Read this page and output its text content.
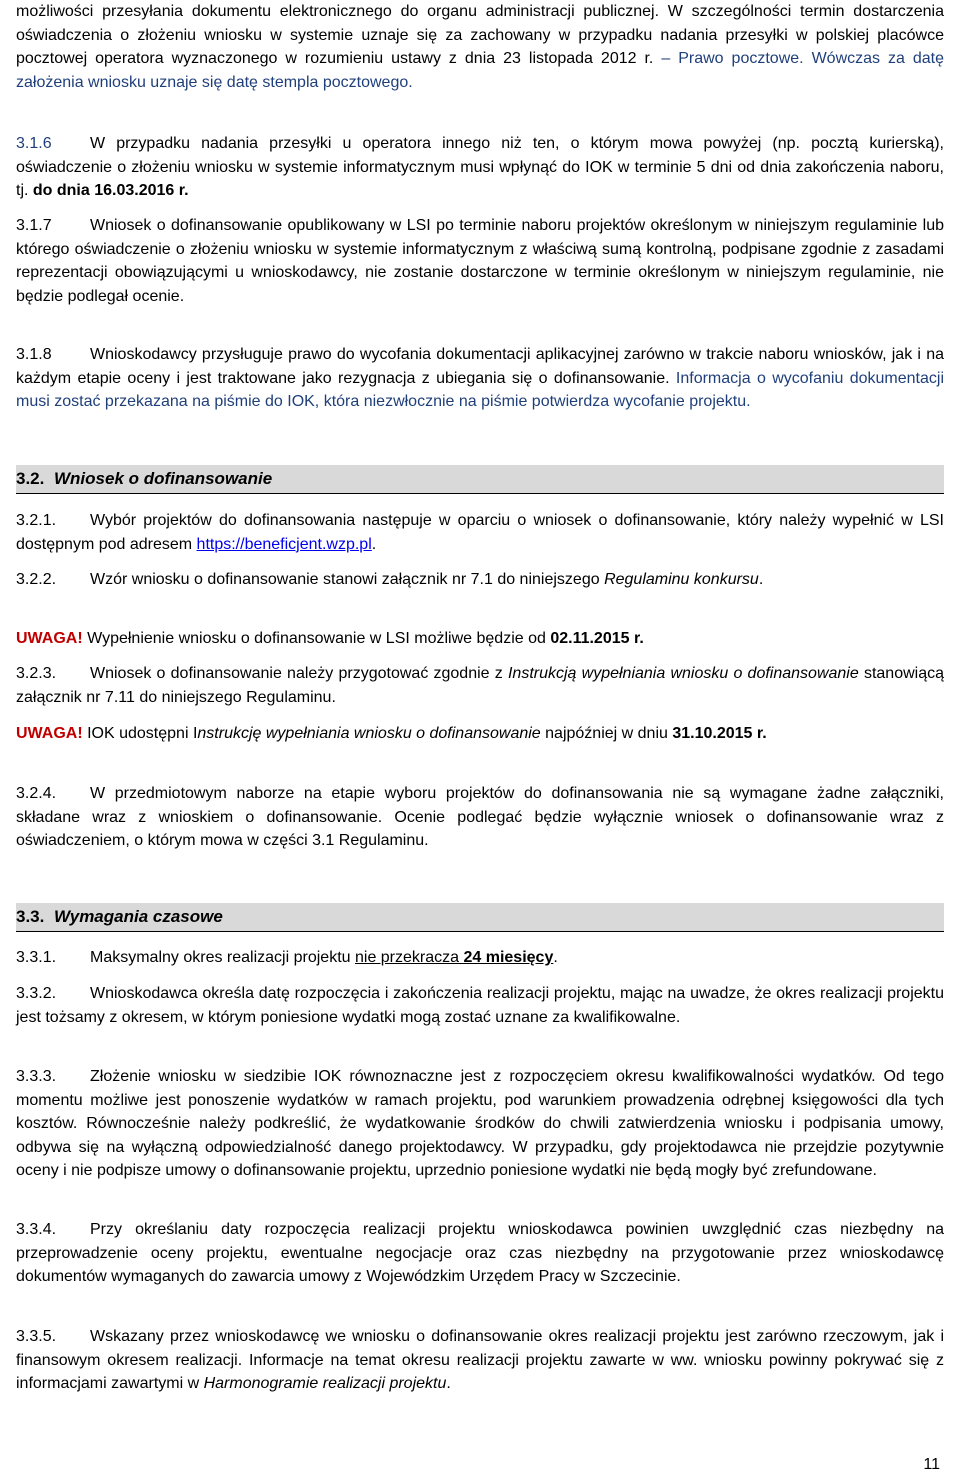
możliwości przesyłania dokumentu elektronicznego do organu administracji publicznej. W szczególności termin dostarczenia oświadczenia o złożeniu wniosku w systemie uznaje się za zachowany w przypadku nadania przesyłki w polskiej placówce pocztowej operatora wyznaczonego w rozumieniu ustawy z dnia 23 listopada 2012 r. – Prawo pocztowe. Wówczas za datę założenia wniosku uznaje się datę stempla pocztowego.

3.1.6 W przypadku nadania przesyłki u operatora innego niż ten, o którym mowa powyżej (np. pocztą kurierską), oświadczenie o złożeniu wniosku w systemie informatycznym musi wpłynąć do IOK w terminie 5 dni od dnia zakończenia naboru, tj. do dnia 16.03.2016 r.

3.1.7 Wniosek o dofinansowanie opublikowany w LSI po terminie naboru projektów określonym w niniejszym regulaminie lub którego oświadczenie o złożeniu wniosku w systemie informatycznym z właściwą sumą kontrolną, podpisane zgodnie z zasadami reprezentacji obowiązującymi u wnioskodawcy, nie zostanie dostarczone w terminie określonym w niniejszym regulaminie, nie będzie podlegał ocenie.

3.1.8 Wnioskodawcy przysługuje prawo do wycofania dokumentacji aplikacyjnej zarówno w trakcie naboru wniosków, jak i na każdym etapie oceny i jest traktowane jako rezygnacja z ubiegania się o dofinansowanie. Informacja o wycofaniu dokumentacji musi zostać przekazana na piśmie do IOK, która niezwłocznie na piśmie potwierdza wycofanie projektu.

3.2. Wniosek o dofinansowanie

3.2.1. Wybór projektów do dofinansowania następuje w oparciu o wniosek o dofinansowanie, który należy wypełnić w LSI dostępnym pod adresem https://beneficjent.wzp.pl.

3.2.2. Wzór wniosku o dofinansowanie stanowi załącznik nr 7.1 do niniejszego Regulaminu konkursu.

UWAGA! Wypełnienie wniosku o dofinansowanie w LSI możliwe będzie od 02.11.2015 r.

3.2.3. Wniosek o dofinansowanie należy przygotować zgodnie z Instrukcją wypełniania wniosku o dofinansowanie stanowiącą załącznik nr 7.11 do niniejszego Regulaminu.

UWAGA! IOK udostępni Instrukcję wypełniania wniosku o dofinansowanie najpóźniej w dniu 31.10.2015 r.

3.2.4. W przedmiotowym naborze na etapie wyboru projektów do dofinansowania nie są wymagane żadne załączniki, składane wraz z wnioskiem o dofinansowanie. Ocenie podlegać będzie wyłącznie wniosek o dofinansowanie wraz z oświadczeniem, o którym mowa w części 3.1 Regulaminu.

3.3. Wymagania czasowe

3.3.1. Maksymalny okres realizacji projektu nie przekracza 24 miesięcy.

3.3.2. Wnioskodawca określa datę rozpoczęcia i zakończenia realizacji projektu, mając na uwadze, że okres realizacji projektu jest tożsamy z okresem, w którym poniesione wydatki mogą zostać uznane za kwalifikowalne.

3.3.3. Złożenie wniosku w siedzibie IOK równoznaczne jest z rozpoczęciem okresu kwalifikowalności wydatków. Od tego momentu możliwe jest ponoszenie wydatków w ramach projektu, pod warunkiem prowadzenia odrębnej księgowości dla tych kosztów. Równocześnie należy podkreślić, że wydatkowanie środków do chwili zatwierdzenia wniosku i podpisania umowy, odbywa się na wyłączną odpowiedzialność danego projektodawcy. W przypadku, gdy projektodawca nie przejdzie pozytywnie oceny i nie podpisze umowy o dofinansowanie projektu, uprzednio poniesione wydatki nie będą mogły być zrefundowane.

3.3.4. Przy określaniu daty rozpoczęcia realizacji projektu wnioskodawca powinien uwzględnić czas niezbędny na przeprowadzenie oceny projektu, ewentualne negocjacje oraz czas niezbędny na przygotowanie przez wnioskodawcę dokumentów wymaganych do zawarcia umowy z Wojewódzkim Urzędem Pracy w Szczecinie.

3.3.5. Wskazany przez wnioskodawcę we wniosku o dofinansowanie okres realizacji projektu jest zarówno rzeczowym, jak i finansowym okresem realizacji. Informacje na temat okresu realizacji projektu zawarte w ww. wniosku powinny pokrywać się z informacjami zawartymi w Harmonogramie realizacji projektu.

11
